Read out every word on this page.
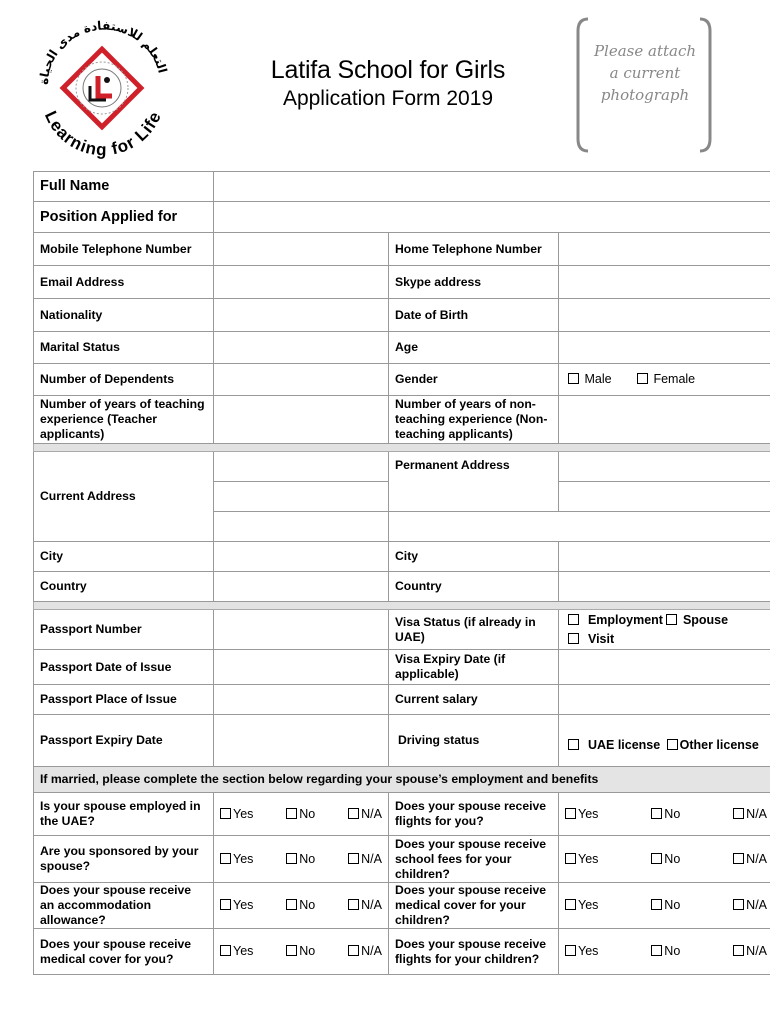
التعلم للاستفادة مدى الحياة
Learning for Life
Latifa School for Girls
Application Form 2019
Please attach a current photograph
Full Name			
Position Applied for			
Mobile Telephone Number		Home Telephone Number	
Email Address		Skype address	
Nationality		Date of Birth	
Marital Status		Age	
Number of Dependents		Gender	Male Female
Number of years of teaching experience (Teacher applicants)		Number of years of non-teaching experience (Non-teaching applicants)	

Current Address		Permanent Address	

City		City	
Country		Country	

Passport Number		Visa Status (if already in UAE)	Employment Spouse   Visit
Passport Date of Issue		Visa Expiry Date (if applicable)	
Passport Place of Issue		Current salary	
Passport Expiry Date		Driving status	UAE license Other license
If married, please complete the section below regarding your spouse’s employment and benefits			
Is your spouse employed in the UAE?	Yes No N/A	Does your spouse receive flights for you?	Yes No N/A

Are you sponsored by your spouse?	Yes No N/A	Does your spouse receive school fees for your children?	Yes No N/A

Does your spouse receive an accommodation allowance?	Yes No N/A	Does your spouse receive medical cover for your children?	Yes No N/A

Does your spouse receive medical cover for you?	Yes No N/A	Does your spouse receive flights for your children?	Yes No N/A
